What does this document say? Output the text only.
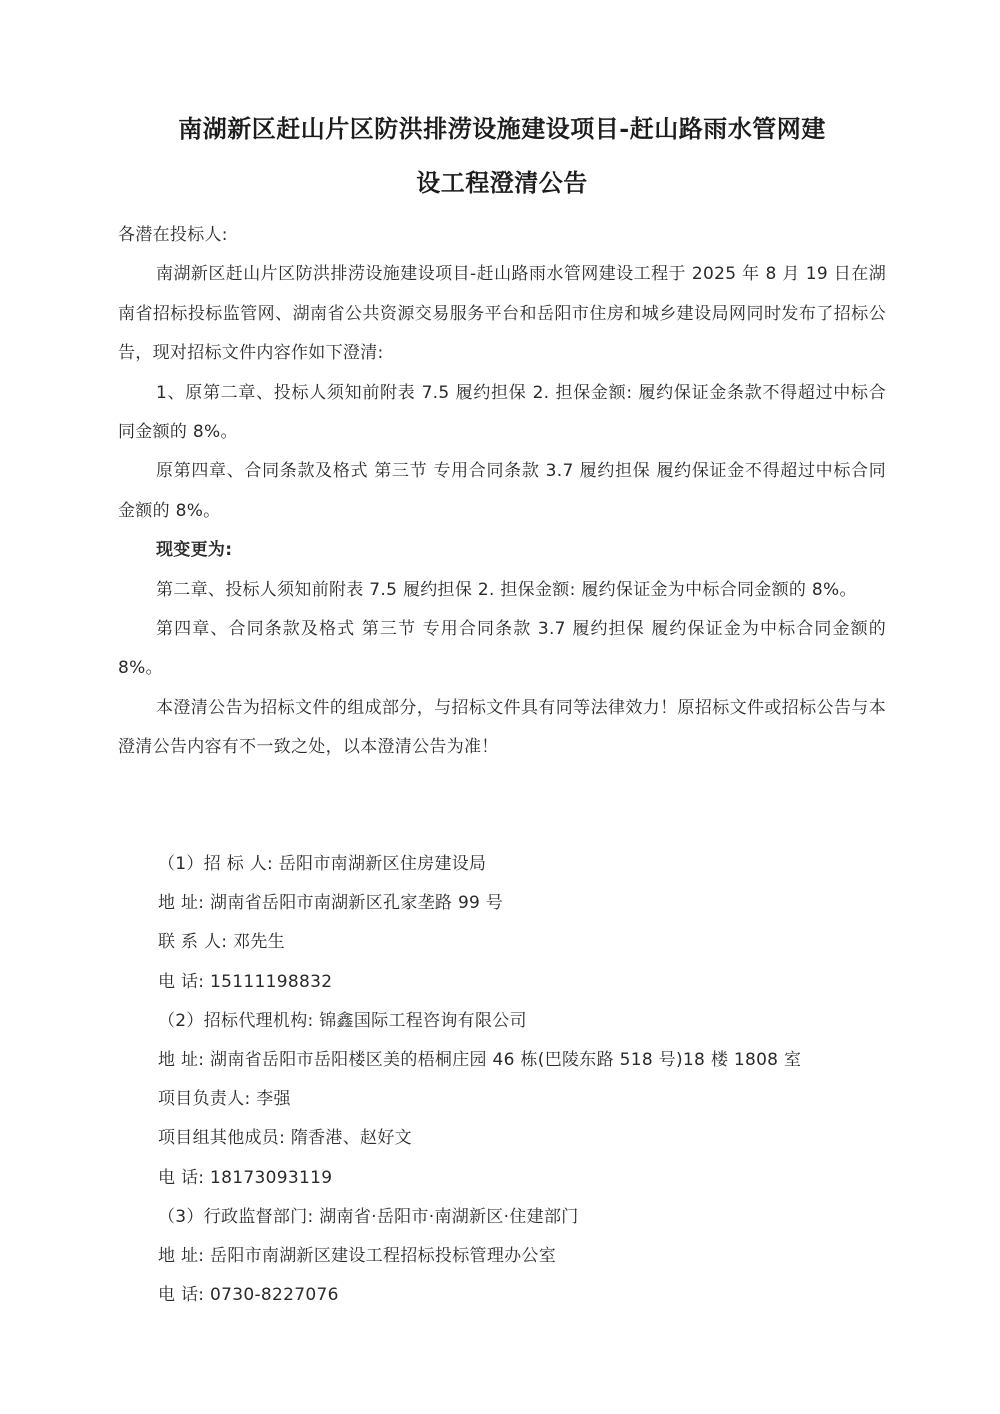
南湖新区赶山片区防洪排涝设施建设项目-赶山路雨水管网建
设工程澄清公告

各潜在投标人:

南湖新区赶山片区防洪排涝设施建设项目-赶山路雨水管网建设工程于 2025 年 8 月 19 日在湖南省招标投标监管网、湖南省公共资源交易服务平台和岳阳市住房和城乡建设局网同时发布了招标公告，现对招标文件内容作如下澄清:

1、原第二章、投标人须知前附表 7.5 履约担保 2. 担保金额: 履约保证金条款不得超过中标合同金额的 8%。

原第四章、合同条款及格式 第三节 专用合同条款 3.7 履约担保 履约保证金不得超过中标合同金额的 8%。

现变更为:

第二章、投标人须知前附表 7.5 履约担保 2. 担保金额: 履约保证金为中标合同金额的 8%。

第四章、合同条款及格式 第三节 专用合同条款 3.7 履约担保 履约保证金为中标合同金额的 8%。

本澄清公告为招标文件的组成部分，与招标文件具有同等法律效力！原招标文件或招标公告与本澄清公告内容有不一致之处，以本澄清公告为准！

（1）招 标 人: 岳阳市南湖新区住房建设局
地 址: 湖南省岳阳市南湖新区孔家垄路 99 号
联 系 人: 邓先生
电 话: 15111198832
（2）招标代理机构: 锦鑫国际工程咨询有限公司
地 址: 湖南省岳阳市岳阳楼区美的梧桐庄园 46 栋(巴陵东路 518 号)18 楼 1808 室
项目负责人: 李强
项目组其他成员: 隋香港、赵好文
电 话: 18173093119
（3）行政监督部门: 湖南省·岳阳市·南湖新区·住建部门
地 址: 岳阳市南湖新区建设工程招标投标管理办公室
电 话: 0730-8227076
